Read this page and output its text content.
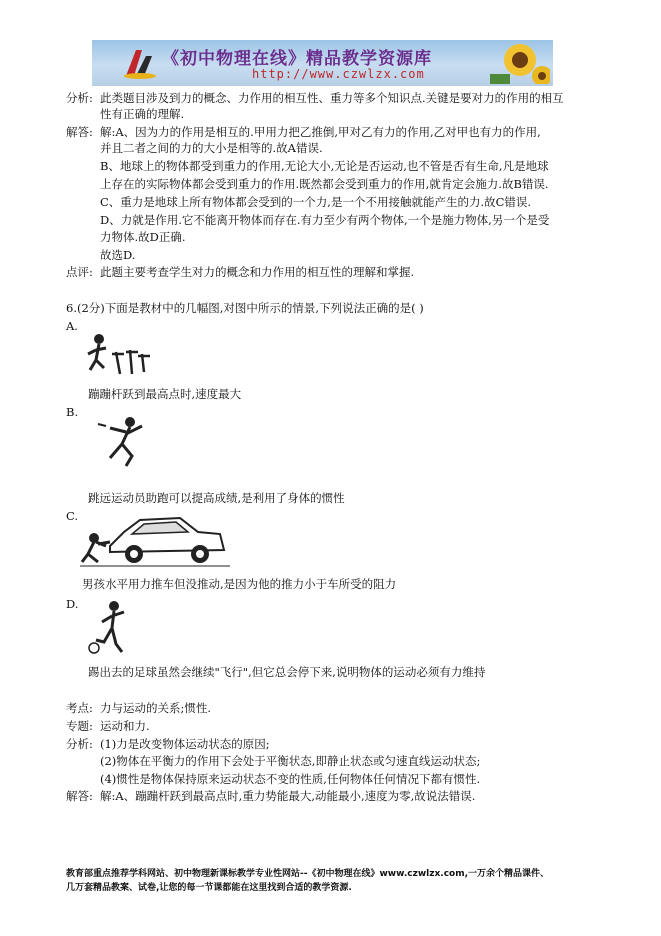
《初中物理在线》精品教学资源库
http://www.czwlzx.com
分析: 此类题目涉及到力的概念、力作用的相互性、重力等多个知识点.关键是要对力的作用的相互
性有正确的理解.
解答: 解:A、因为力的作用是相互的.甲用力把乙推倒,甲对乙有力的作用,乙对甲也有力的作用,
并且二者之间的力的大小是相等的.故A错误.
B、地球上的物体都受到重力的作用,无论大小,无论是否运动,也不管是否有生命,凡是地球
上存在的实际物体都会受到重力的作用.既然都会受到重力的作用,就肯定会施力.故B错误.
C、重力是地球上所有物体都会受到的一个力,是一个不用接触就能产生的力.故C错误.
D、力就是作用.它不能离开物体而存在.有力至少有两个物体,一个是施力物体,另一个是受
力物体.故D正确.
故选D.
点评: 此题主要考查学生对力的概念和力作用的相互性的理解和掌握.
6.(2分)下面是教材中的几幅图,对图中所示的情景,下列说法正确的是( )
A.
蹦蹦杆跃到最高点时,速度最大
B.
跳远运动员助跑可以提高成绩,是利用了身体的惯性
C.
男孩水平用力推车但没推动,是因为他的推力小于车所受的阻力
D.
踢出去的足球虽然会继续"飞行",但它总会停下来,说明物体的运动必须有力维持
考点: 力与运动的关系;惯性.
专题: 运动和力.
分析: (1)力是改变物体运动状态的原因;
(2)物体在平衡力的作用下会处于平衡状态,即静止状态或匀速直线运动状态;
(4)惯性是物体保持原来运动状态不变的性质,任何物体任何情况下都有惯性.
解答: 解:A、蹦蹦杆跃到最高点时,重力势能最大,动能最小,速度为零,故说法错误.
教育部重点推荐学科网站、初中物理新课标教学专业性网站--《初中物理在线》www.czwlzx.com,一万余个精品课件、
几万套精品教案、试卷,让您的每一节课都能在这里找到合适的教学资源.
